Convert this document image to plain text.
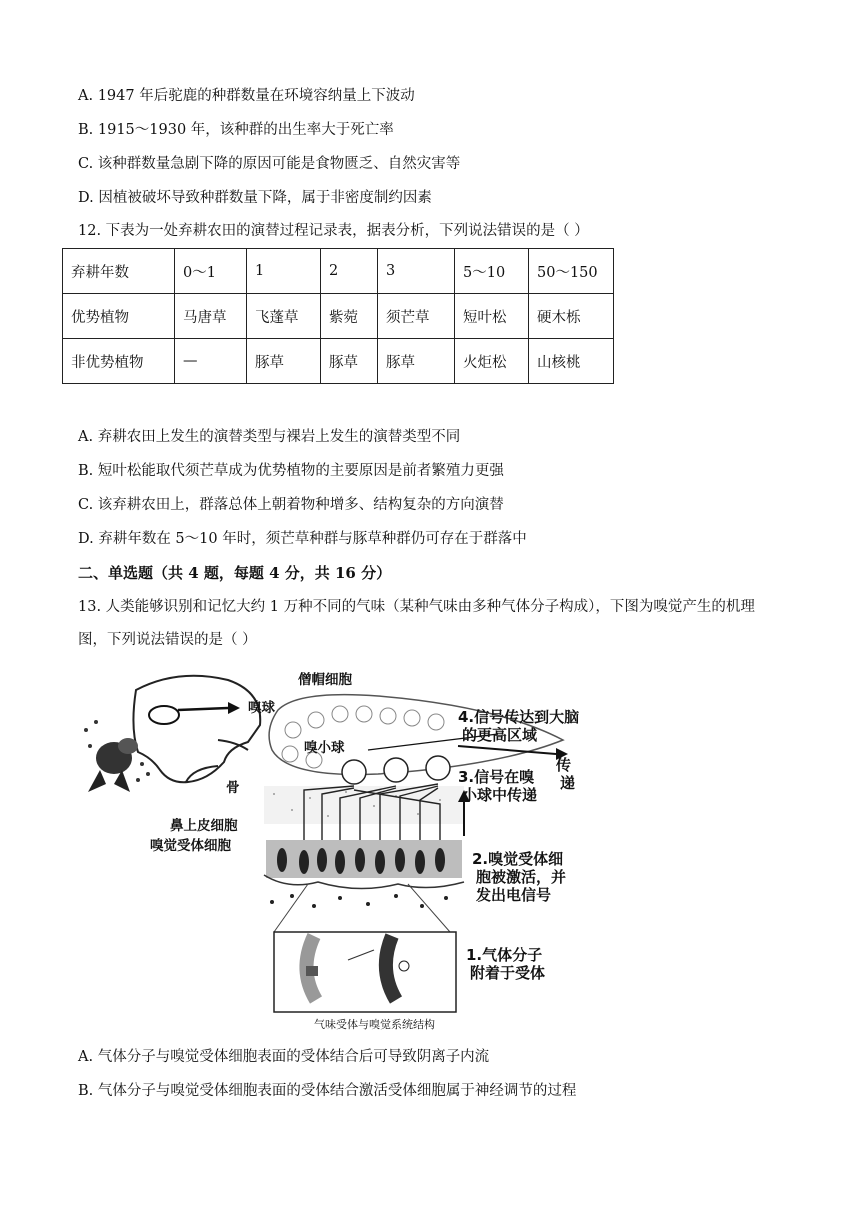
A. 1947 年后驼鹿的种群数量在环境容纳量上下波动
B. 1915～1930 年，该种群的出生率大于死亡率
C. 该种群数量急剧下降的原因可能是食物匮乏、自然灾害等
D. 因植被破坏导致种群数量下降，属于非密度制约因素
12. 下表为一处弃耕农田的演替过程记录表，据表分析，下列说法错误的是（ ）
弃耕年数	0～1	1	2	3	5～10	50～150
优势植物	马唐草	飞蓬草	紫菀	须芒草	短叶松	硬木栎
非优势植物	—	豚草	豚草	豚草	火炬松	山核桃
A. 弃耕农田上发生的演替类型与裸岩上发生的演替类型不同
B. 短叶松能取代须芒草成为优势植物的主要原因是前者繁殖力更强
C. 该弃耕农田上，群落总体上朝着物种增多、结构复杂的方向演替
D. 弃耕年数在 5～10 年时，须芒草种群与豚草种群仍可存在于群落中
二、单选题（共 4 题，每题 4 分，共 16 分）
13. 人类能够识别和记忆大约 1 万种不同的气味（某种气味由多种气体分子构成），下图为嗅觉产生的机理
图，下列说法错误的是（ ）
僧帽细胞
嗅球
嗅小球
骨
鼻上皮细胞
嗅觉受体细胞
4.信号传达到大脑
的更高区域
传
递
3.信号在嗅
小球中传递
2.嗅觉受体细
胞被激活，并
发出电信号
1.气体分子
附着于受体
气味受体与嗅觉系统结构
A. 气体分子与嗅觉受体细胞表面的受体结合后可导致阴离子内流
B. 气体分子与嗅觉受体细胞表面的受体结合激活受体细胞属于神经调节的过程
